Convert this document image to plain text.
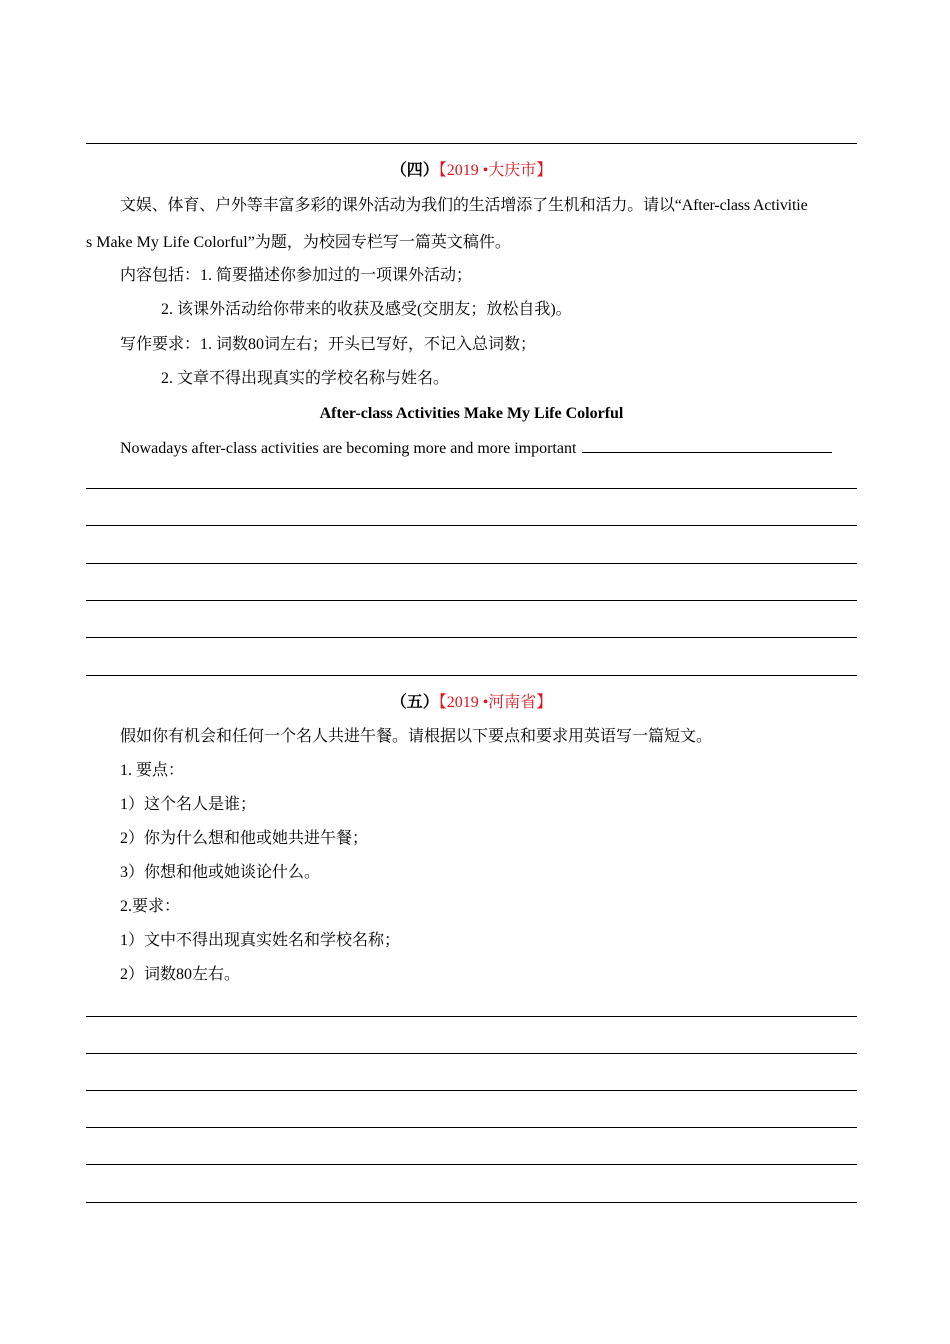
（四）【2019 •大庆市】
文娱、体育、户外等丰富多彩的课外活动为我们的生活增添了生机和活力。请以“After-class Activitie
s Make My Life Colorful”为题，为校园专栏写一篇英文稿件。
内容包括：1. 简要描述你参加过的一项课外活动；
2. 该课外活动给你带来的收获及感受(交朋友；放松自我)。
写作要求：1. 词数80词左右；开头已写好，不记入总词数；
2. 文章不得出现真实的学校名称与姓名。
After-class Activities Make My Life Colorful
Nowadays after-class activities are becoming more and more important
（五）【2019 •河南省】
假如你有机会和任何一个名人共进午餐。请根据以下要点和要求用英语写一篇短文。
1. 要点：
1）这个名人是谁；
2）你为什么想和他或她共进午餐；
3）你想和他或她谈论什么。
2.要求：
1）文中不得出现真实姓名和学校名称；
2）词数80左右。
